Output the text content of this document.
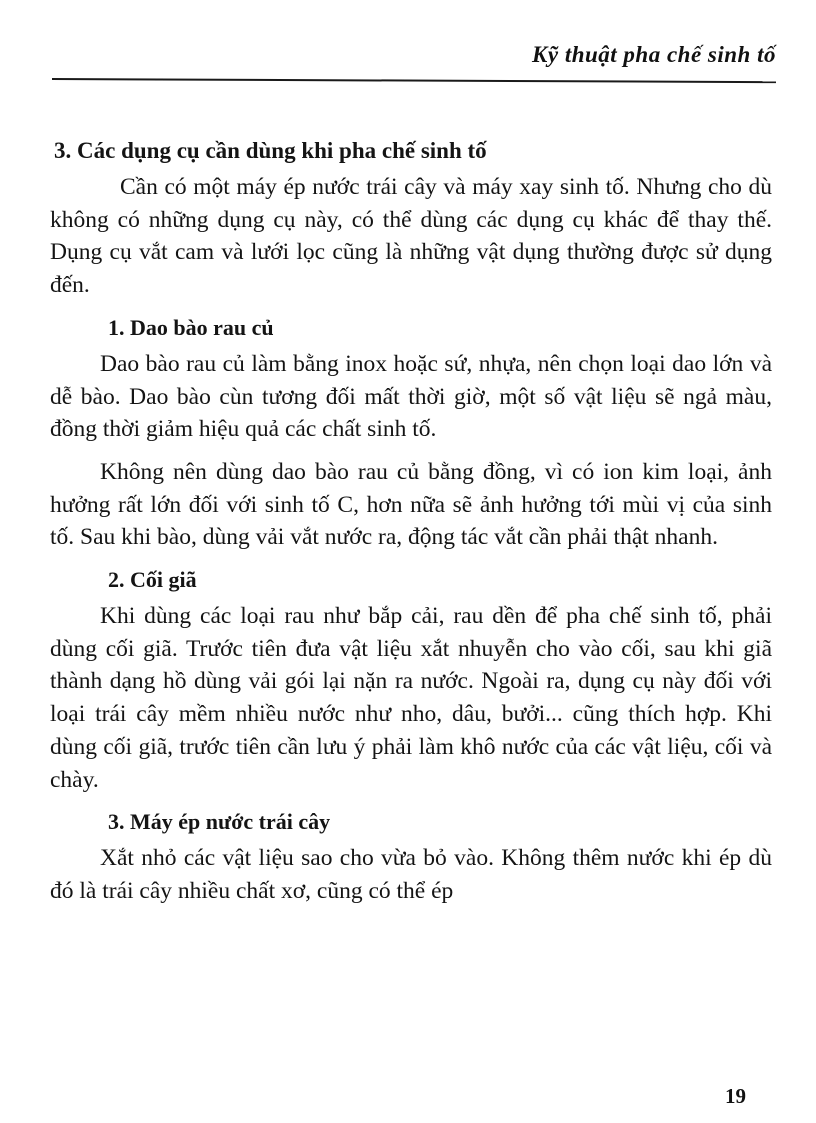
Kỹ thuật pha chế sinh tố
3. Các dụng cụ cần dùng khi pha chế sinh tố

Cần có một máy ép nước trái cây và máy xay sinh tố. Nhưng cho dù không có những dụng cụ này, có thể dùng các dụng cụ khác để thay thế. Dụng cụ vắt cam và lưới lọc cũng là những vật dụng thường được sử dụng đến.

1. Dao bào rau củ

Dao bào rau củ làm bằng inox hoặc sứ, nhựa, nên chọn loại dao lớn và dễ bào. Dao bào cùn tương đối mất thời giờ, một số vật liệu sẽ ngả màu, đồng thời giảm hiệu quả các chất sinh tố.

Không nên dùng dao bào rau củ bằng đồng, vì có ion kim loại, ảnh hưởng rất lớn đối với sinh tố C, hơn nữa sẽ ảnh hưởng tới mùi vị của sinh tố. Sau khi bào, dùng vải vắt nước ra, động tác vắt cần phải thật nhanh.

2. Cối giã

Khi dùng các loại rau như bắp cải, rau dền để pha chế sinh tố, phải dùng cối giã. Trước tiên đưa vật liệu xắt nhuyễn cho vào cối, sau khi giã thành dạng hồ dùng vải gói lại nặn ra nước. Ngoài ra, dụng cụ này đối với loại trái cây mềm nhiều nước như nho, dâu, bưởi... cũng thích hợp. Khi dùng cối giã, trước tiên cần lưu ý phải làm khô nước của các vật liệu, cối và chày.

3. Máy ép nước trái cây

Xắt nhỏ các vật liệu sao cho vừa bỏ vào. Không thêm nước khi ép dù đó là trái cây nhiều chất xơ, cũng có thể ép

19
